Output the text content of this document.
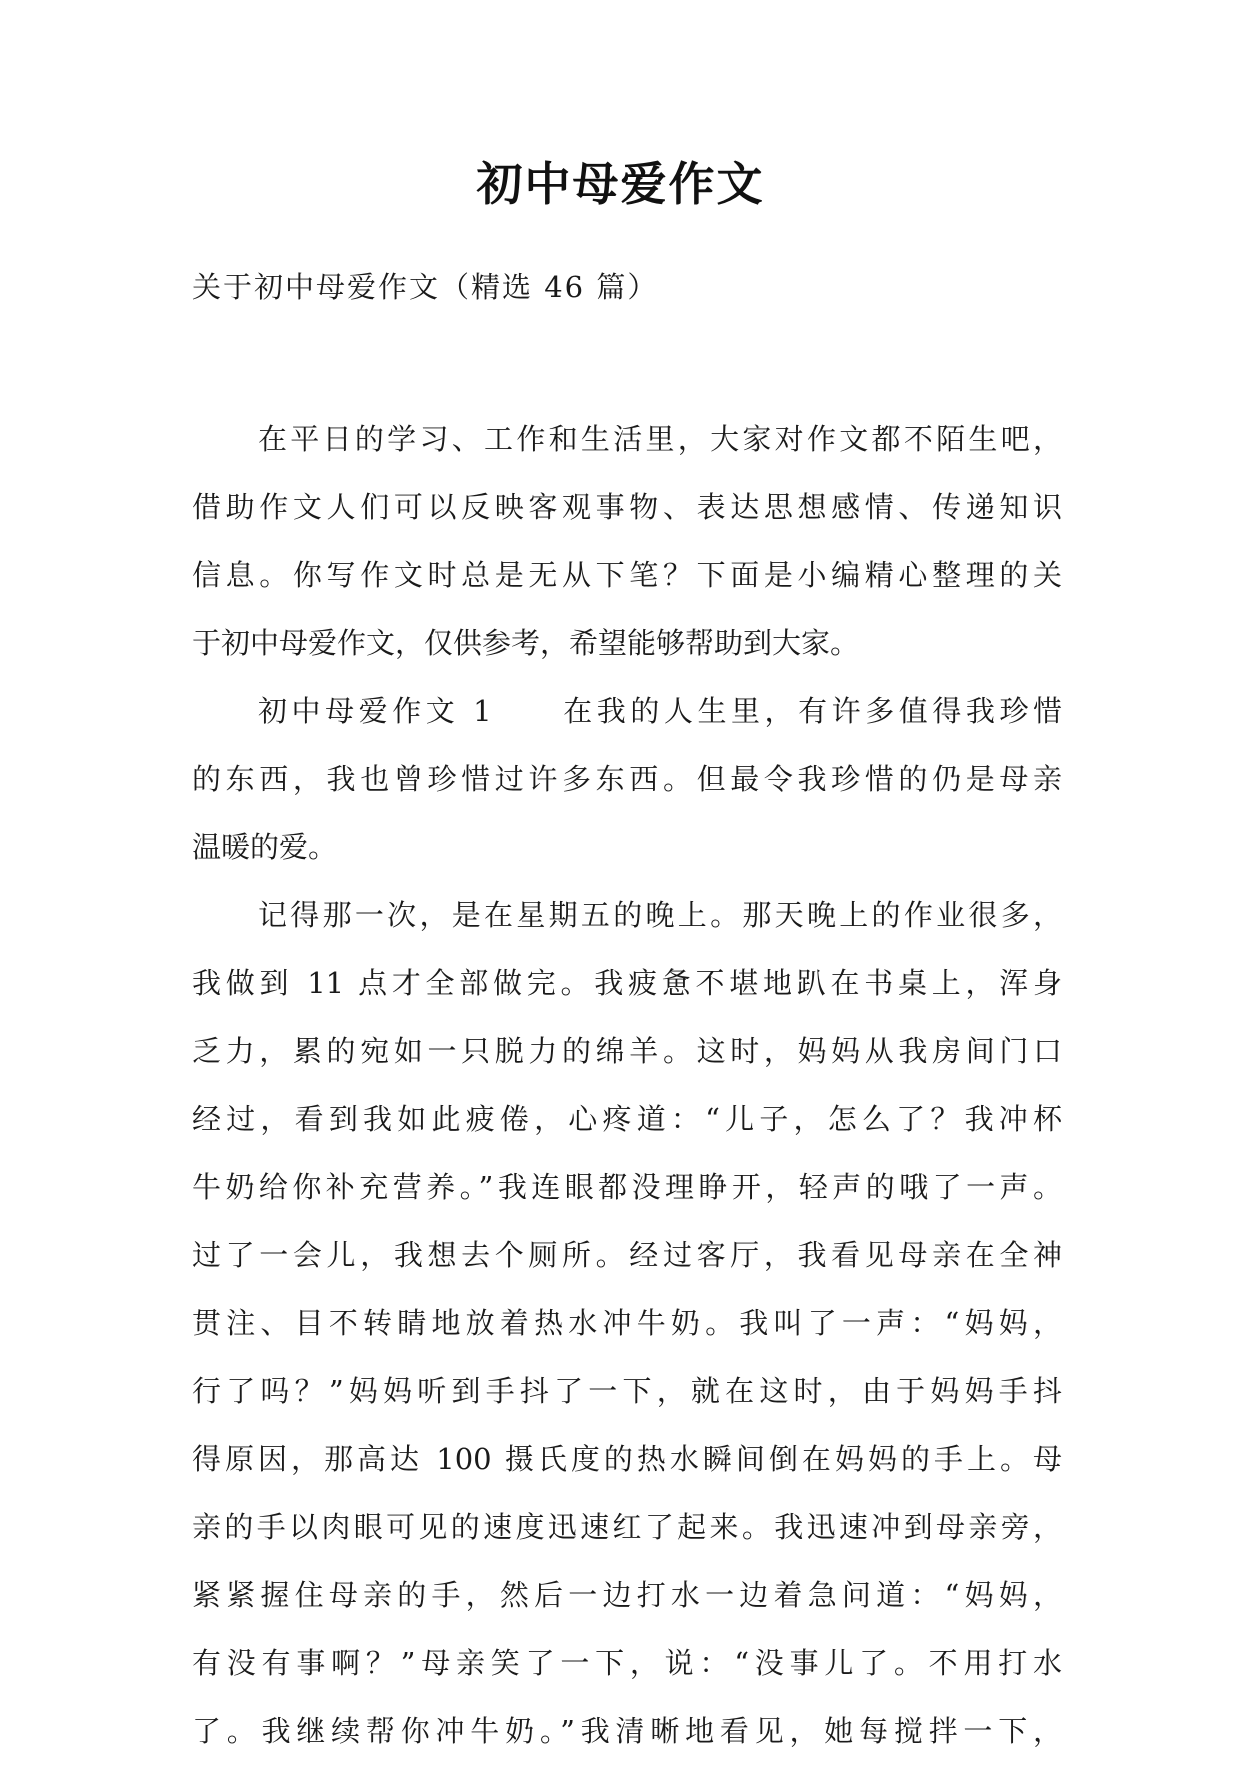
初中母爱作文
关于初中母爱作文（精选 46 篇）
在平日的学习、工作和生活里，大家对作文都不陌生吧，
借助作文人们可以反映客观事物、表达思想感情、传递知识
信息。你写作文时总是无从下笔？下面是小编精心整理的关
于初中母爱作文，仅供参考，希望能够帮助到大家。
初中母爱作文 1　　在我的人生里，有许多值得我珍惜
的东西，我也曾珍惜过许多东西。但最令我珍惜的仍是母亲
温暖的爱。
记得那一次，是在星期五的晚上。那天晚上的作业很多，
我做到 11 点才全部做完。我疲惫不堪地趴在书桌上，浑身
乏力，累的宛如一只脱力的绵羊。这时，妈妈从我房间门口
经过，看到我如此疲倦，心疼道：“儿子，怎么了？我冲杯
牛奶给你补充营养。”我连眼都没理睁开，轻声的哦了一声。
过了一会儿，我想去个厕所。经过客厅，我看见母亲在全神
贯注、目不转睛地放着热水冲牛奶。我叫了一声：“妈妈，
行了吗？”妈妈听到手抖了一下，就在这时，由于妈妈手抖
得原因，那高达 100 摄氏度的热水瞬间倒在妈妈的手上。母
亲的手以肉眼可见的速度迅速红了起来。我迅速冲到母亲旁，
紧紧握住母亲的手，然后一边打水一边着急问道：“妈妈，
有没有事啊？”母亲笑了一下，说：“没事儿了。不用打水
了。我继续帮你冲牛奶。”我清晰地看见，她每搅拌一下，
